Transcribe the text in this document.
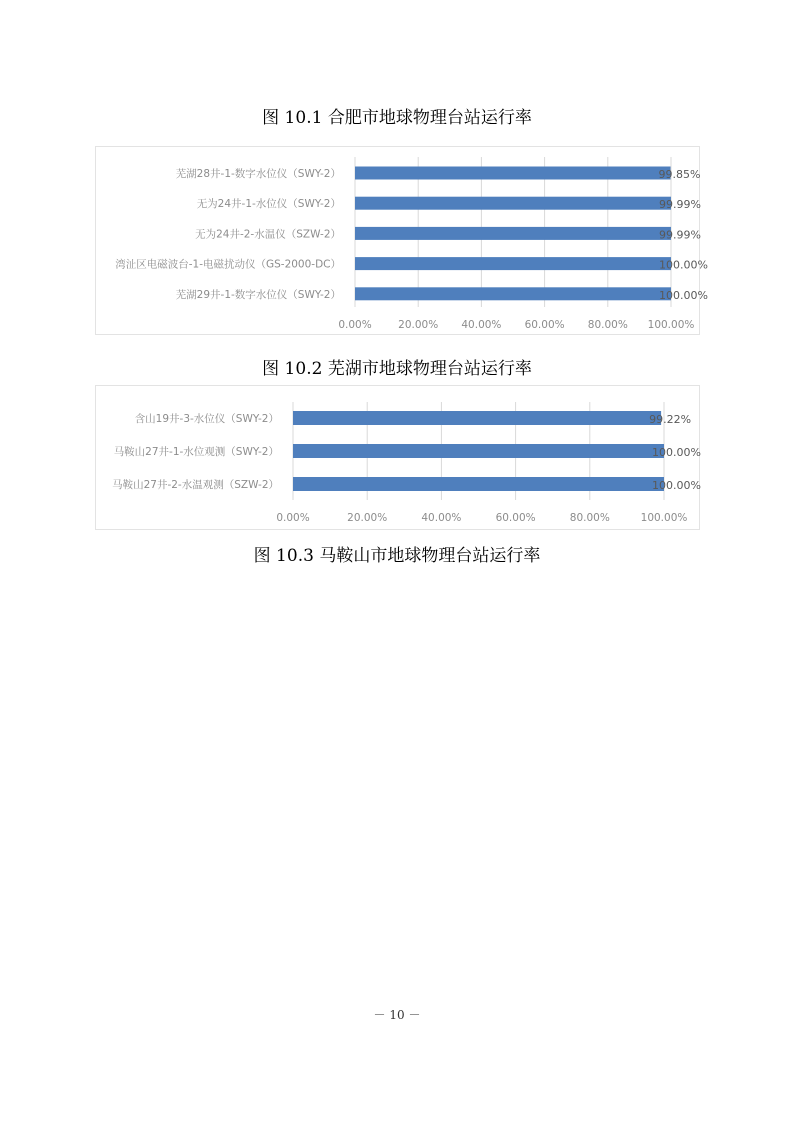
图 10.1 合肥市地球物理台站运行率
芜湖28井-1-数字水位仪（SWY-2）	99.85%
无为24井-1-水位仪（SWY-2）	99.99%
无为24井-2-水温仪（SZW-2）	99.99%
湾沚区电磁波台-1-电磁扰动仪（GS-2000-DC）	100.00%
芜湖29井-1-数字水位仪（SWY-2）	100.00%
0.00%	20.00% 40.00% 60.00% 80.00% 100.00%
图 10.2 芜湖市地球物理台站运行率
含山19井-3-水位仪（SWY-2）	99.22%
马鞍山27井-1-水位观测（SWY-2）	100.00%
马鞍山27井-2-水温观测（SZW-2）	100.00%
0.00%	20.00%	40.00%	60.00%	80.00%	100.00%
图 10.3 马鞍山市地球物理台站运行率
－ 10 －
